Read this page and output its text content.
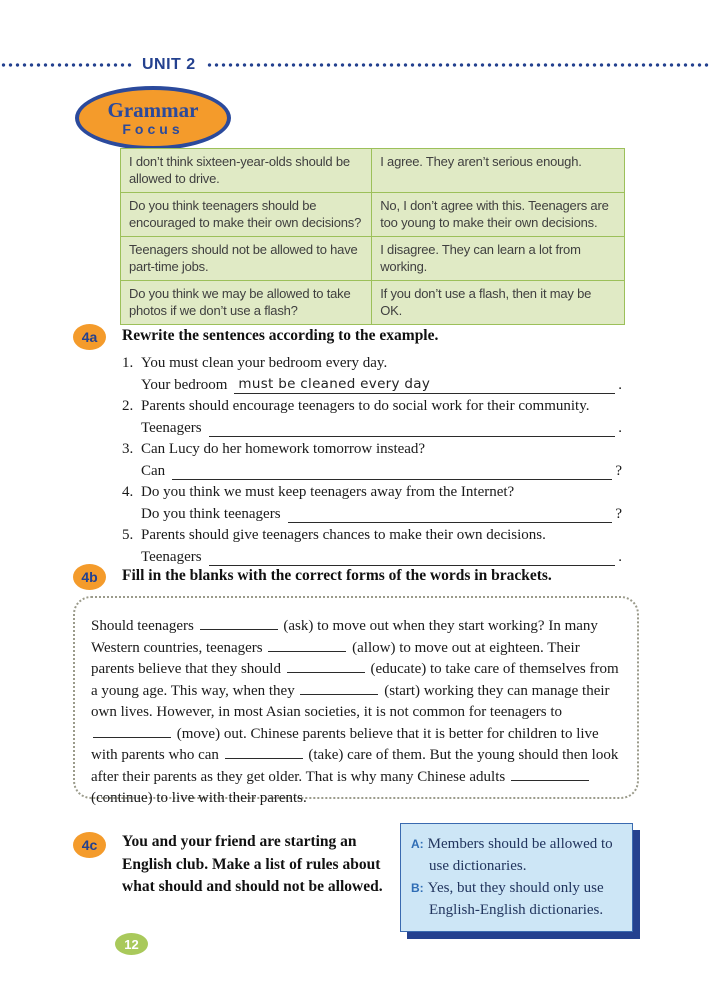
UNIT 2
Grammar
Focus
I don’t think sixteen-year-olds should be allowed to drive.	I agree. They aren’t serious enough.
Do you think teenagers should be encouraged to make their own decisions?	No, I don’t agree with this. Teenagers are too young to make their own decisions.
Teenagers should not be allowed to have part-time jobs.	I disagree. They can learn a lot from working.
Do you think we may be allowed to take photos if we don’t use a flash?	If you don’t use a flash, then it may be OK.
4a Rewrite the sentences according to the example.
1. You must clean your bedroom every day.
Your bedroom must be cleaned every day	.
2. Parents should encourage teenagers to do social work for their community.
Teenagers	.
3. Can Lucy do her homework tomorrow instead?
Can	?
4. Do you think we must keep teenagers away from the Internet?
Do you think teenagers	?
5. Parents should give teenagers chances to make their own decisions.
Teenagers	.
4b Fill in the blanks with the correct forms of the words in brackets.
Should teenagers	(ask) to move out when they start working? In many Western countries, teenagers	(allow) to move out at eighteen. Their parents believe that they should	(educate) to take care of themselves from a young age. This way, when they	(start) working they can manage their own lives. However, in most Asian societies, it is not common for teenagers to  (move) out. Chinese parents believe that it is better for children to live with parents who can	(take) care of them. But the young should then look after their parents as they get older. That is why many Chinese adults  (continue) to live with their parents.
4c You and your friend are starting an English club. Make a list of rules about what should and should not be allowed.
A: Members should be allowed to use dictionaries.
B: Yes, but they should only use English-English dictionaries.
12
